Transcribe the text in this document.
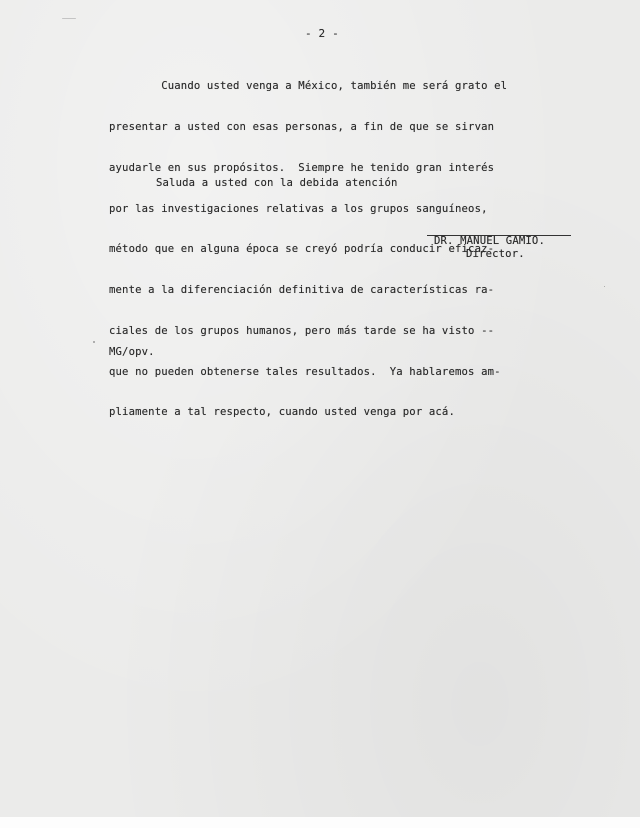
- 2 -

Cuando usted venga a México, también me será grato el

presentar a usted con esas personas, a fin de que se sirvan

ayudarle en sus propósitos.  Siempre he tenido gran interés

por las investigaciones relativas a los grupos sanguíneos,

método que en alguna época se creyó podría conducir eficaz-

mente a la diferenciación definitiva de características ra-

ciales de los grupos humanos, pero más tarde se ha visto --

que no pueden obtenerse tales resultados.  Ya hablaremos am-

pliamente a tal respecto, cuando usted venga por acá.

Saluda a usted con la debida atención
DR. MANUEL GAMIO.
Director.
MG/opv.
